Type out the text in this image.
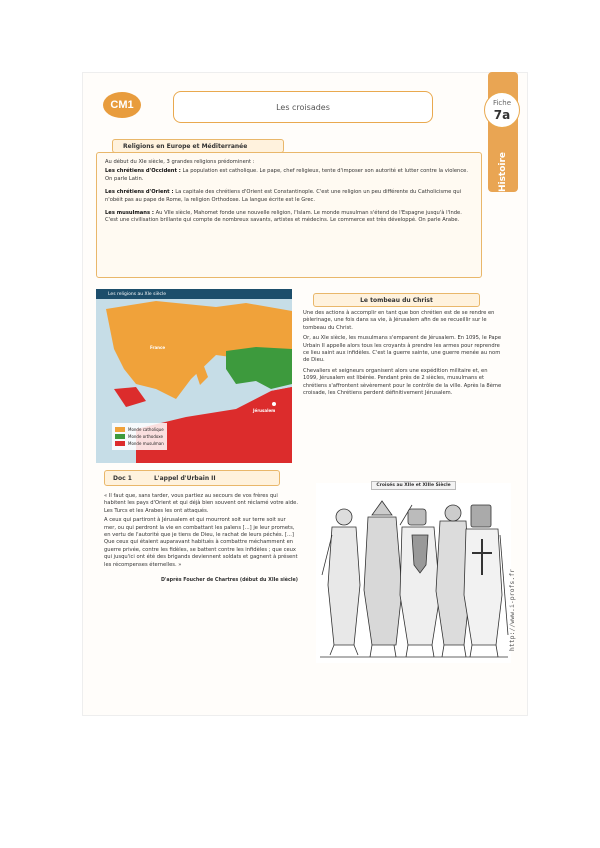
CM1	Les croisades
Histoire
Fiche
7a
Religions en Europe et Méditerranée

Au début du XIe siècle, 3 grandes religions prédominent :

Les chrétiens d'Occident : La population est catholique. Le pape, chef religieux, tente d'imposer son autorité et lutter contre la violence. On parle Latin.

Les chrétiens d'Orient : La capitale des chrétiens d'Orient est Constantinople. C'est une religion un peu différente du Catholicisme qui n'obéit pas au pape de Rome, la religion Orthodoxe. La langue écrite est le Grec.

Les musulmans : Au VIIe siècle, Mahomet fonde une nouvelle religion, l'Islam. Le monde musulman s'étend de l'Espagne jusqu'à l'Inde. C'est une civilisation brillante qui compte de nombreux savants, artistes et médecins. Le commerce est très développé. On parle Arabe.

Les religions au XIe siècle
France
Jérusalem
Monde catholique
Monde orthodoxe
Monde musulman
Le tombeau du Christ

Une des actions à accomplir en tant que bon chrétien est de se rendre en pèlerinage, une fois dans sa vie, à Jérusalem afin de se recueillir sur le tombeau du Christ.

Or, au XIe siècle, les musulmans s'emparent de Jérusalem. En 1095, le Pape Urbain II appelle alors tous les croyants à prendre les armes pour reprendre ce lieu saint aux infidèles. C'est la guerre sainte, une guerre menée au nom de Dieu.

Chevaliers et seigneurs organisent alors une expédition militaire et, en 1099, Jérusalem est libérée. Pendant près de 2 siècles, musulmans et chrétiens s'affrontent sèvèrement pour le contrôle de la ville. Après la 8ème croisade, les Chrétiens perdent définitivement Jérusalem.

Doc 1	L'appel d'Urbain II

« Il faut que, sans tarder, vous partiez au secours de vos frères qui habitent les pays d'Orient et qui déjà bien souvent ont réclamé votre aide. Les Turcs et les Arabes les ont attaqués.

A ceux qui partiront à Jérusalem et qui mourront soit sur terre soit sur mer, ou qui perdront la vie en combattant les païens [...] je leur promets, en vertu de l'autorité que je tiens de Dieu, le rachat de leurs péchés. [...] Que ceux qui étaient auparavant habitués à combattre méchamment en guerre privée, contre les fidèles, se battent contre les infidèles ; que ceux qui jusqu'ici ont été des brigands deviennent soldats et gagnent à présent les récompenses éternelles. »

D'après Foucher de Chartres (début du XIIe siècle)

Croisés au XIIe et XIIIe Siècle
http://www.i-profs.fr
